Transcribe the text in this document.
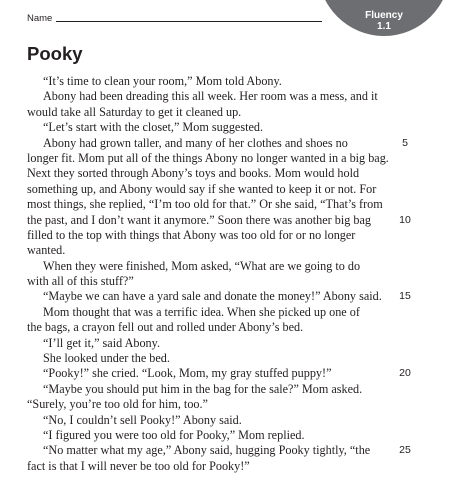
Name	Fluency
1.1
Pooky
“It’s time to clean your room,” Mom told Abony.
Abony had been dreading this all week. Her room was a mess, and it
would take all Saturday to get it cleaned up.
“Let’s start with the closet,” Mom suggested.
Abony had grown taller, and many of her clothes and shoes no	5
longer fit. Mom put all of the things Abony no longer wanted in a big bag.
Next they sorted through Abony’s toys and books. Mom would hold
something up, and Abony would say if she wanted to keep it or not. For
most things, she replied, “I’m too old for that.” Or she said, “That’s from
the past, and I don’t want it anymore.” Soon there was another big bag	10
filled to the top with things that Abony was too old for or no longer
wanted.
When they were finished, Mom asked, “What are we going to do
with all of this stuff?”
“Maybe we can have a yard sale and donate the money!” Abony said.	15
Mom thought that was a terrific idea. When she picked up one of
the bags, a crayon fell out and rolled under Abony’s bed.
“I’ll get it,” said Abony.
She looked under the bed.
“Pooky!” she cried. “Look, Mom, my gray stuffed puppy!”	20
“Maybe you should put him in the bag for the sale?” Mom asked.
“Surely, you’re too old for him, too.”
“No, I couldn’t sell Pooky!” Abony said.
“I figured you were too old for Pooky,” Mom replied.
“No matter what my age,” Abony said, hugging Pooky tightly, “the	25
fact is that I will never be too old for Pooky!”
